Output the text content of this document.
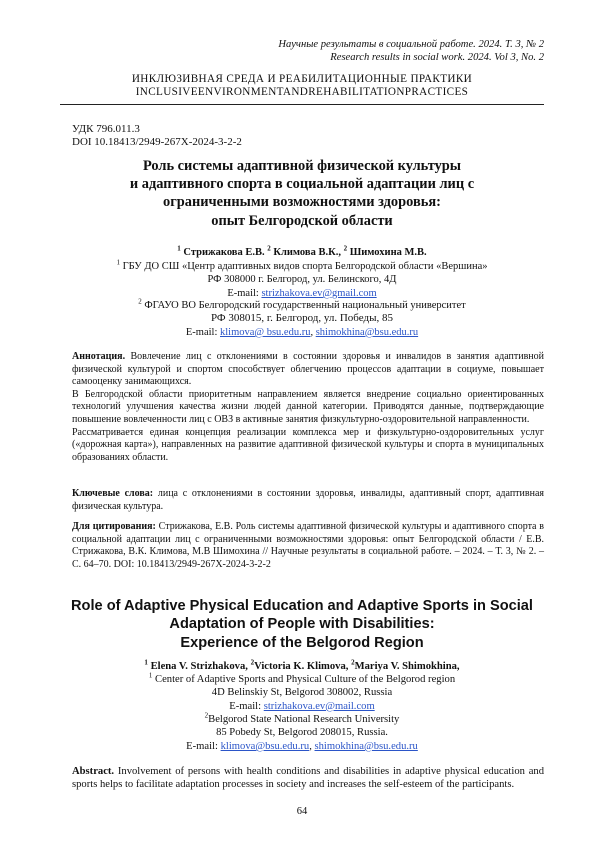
Научные результаты в социальной работе. 2024. Т. 3, № 2
Research results in social work. 2024. Vol 3, No. 2
ИНКЛЮЗИВНАЯ СРЕДА И РЕАБИЛИТАЦИОННЫЕ ПРАКТИКИ
INCLUSIVEENVIRONMENTANDREHABILITATIONPRACTICES
УДК 796.011.3
DOI 10.18413/2949-267X-2024-3-2-2
Роль системы адаптивной физической культуры
и адаптивного спорта в социальной адаптации лиц с
ограниченными возможностями здоровья:
опыт Белгородской области
$^1$ Стрижакова Е.В. $^2$ Климова В.К., $^2$ Шимохина М.В.
$^1$ ГБУ ДО СШ «Центр адаптивных видов спорта Белгородской области «Вершина»
РФ 308000 г. Белгород, ул. Белинского, 4Д
E-mail: strizhakova.ev@gmail.com
$^2$ ФГАУО ВО Белгородский государственный национальный университет
РФ 308015, г. Белгород, ул. Победы, 85
E-mail: klimova@ bsu.edu.ru, shimokhina@bsu.edu.ru
Аннотация. Вовлечение лиц с отклонениями в состоянии здоровья и инвалидов в занятия адаптивной физической культурой и спортом способствует облегчению процессов адаптации в социуме, повышает самооценку занимающихся.
В Белгородской области приоритетным направлением является внедрение социально ориентированных технологий улучшения качества жизни людей данной категории. Приводятся данные, подтверждающие повышение вовлеченности лиц с ОВЗ в активные занятия физкультурно-оздоровительной направленности.
Рассматривается единая концепция реализации комплекса мер и физкультурно-оздоровительных услуг («дорожная карта»), направленных на развитие адаптивной физической культуры и спорта в муниципальных образованиях области.
Ключевые слова: лица с отклонениями в состоянии здоровья, инвалиды, адаптивный спорт, адаптивная физическая культура.
Для цитирования: Стрижакова, Е.В. Роль системы адаптивной физической культуры и адаптивного спорта в социальной адаптации лиц с ограниченными возможностями здоровья: опыт Белгородской области / Е.В. Стрижакова, В.К. Климова, М.В Шимохина // Научные результаты в социальной работе. – 2024. – Т. 3, № 2. – С. 64–70. DOI: 10.18413/2949-267X-2024-3-2-2
Role of Adaptive Physical Education and Adaptive Sports in Social
Adaptation of People with Disabilities:
Experience of the Belgorod Region
$^1$ Elena V. Strizhakova, $^2$Victoria K. Klimova, $^2$Mariya V. Shimokhina,
$^1$ Center of Adaptive Sports and Physical Culture of the Belgorod region
4D Belinskiy St, Belgorod 308002, Russia
E-mail: strizhakova.ev@mail.com
$^2$Belgorod State National Research University
85 Pobedy St, Belgorod 208015, Russia.
E-mail: klimova@bsu.edu.ru, shimokhina@bsu.edu.ru
Abstract. Involvement of persons with health conditions and disabilities in adaptive physical education and sports helps to facilitate adaptation processes in society and increases the self-esteem of the participants.
64
